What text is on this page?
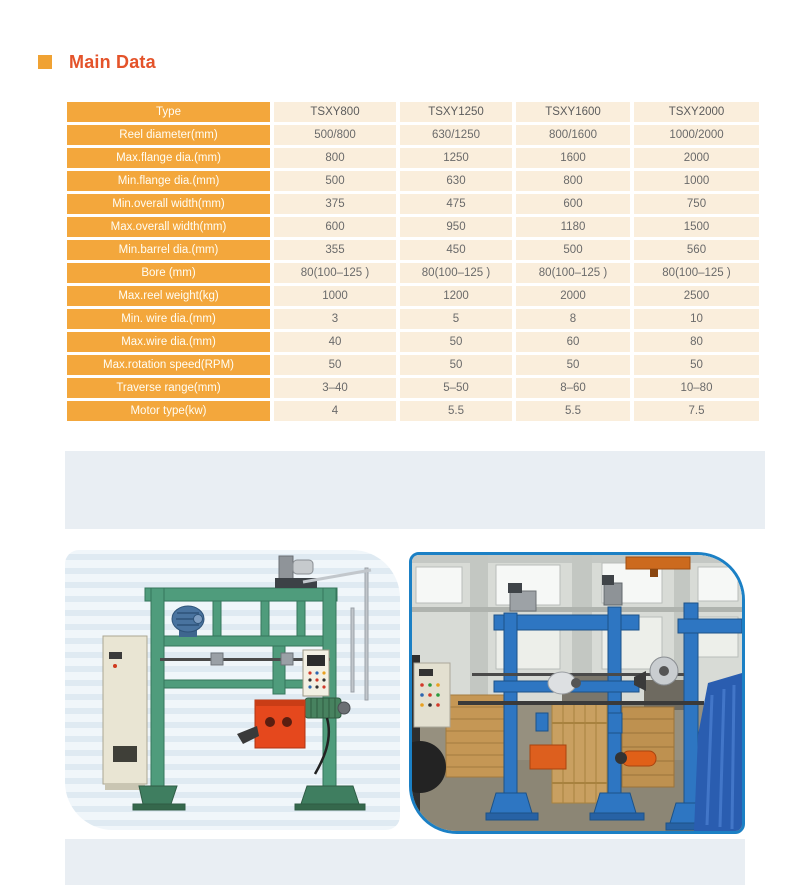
Main Data
Type	TSXY800	TSXY1250	TSXY1600	TSXY2000
Reel diameter(mm)	500/800	630/1250	800/1600	1000/2000
Max.flange dia.(mm)	800	1250	1600	2000
Min.flange dia.(mm)	500	630	800	1000
Min.overall width(mm)	375	475	600	750
Max.overall width(mm)	600	950	1180	1500
Min.barrel dia.(mm)	355	450	500	560
Bore (mm)	80(100–125 )	80(100–125 )	80(100–125 )	80(100–125 )
Max.reel weight(kg)	1000	1200	2000	2500
Min. wire dia.(mm)	3	5	8	10
Max.wire dia.(mm)	40	50	60	80
Max.rotation speed(RPM)	50	50	50	50
Traverse range(mm)	3–40	5–50	8–60	10–80
Motor type(kw)	4	5.5	5.5	7.5
